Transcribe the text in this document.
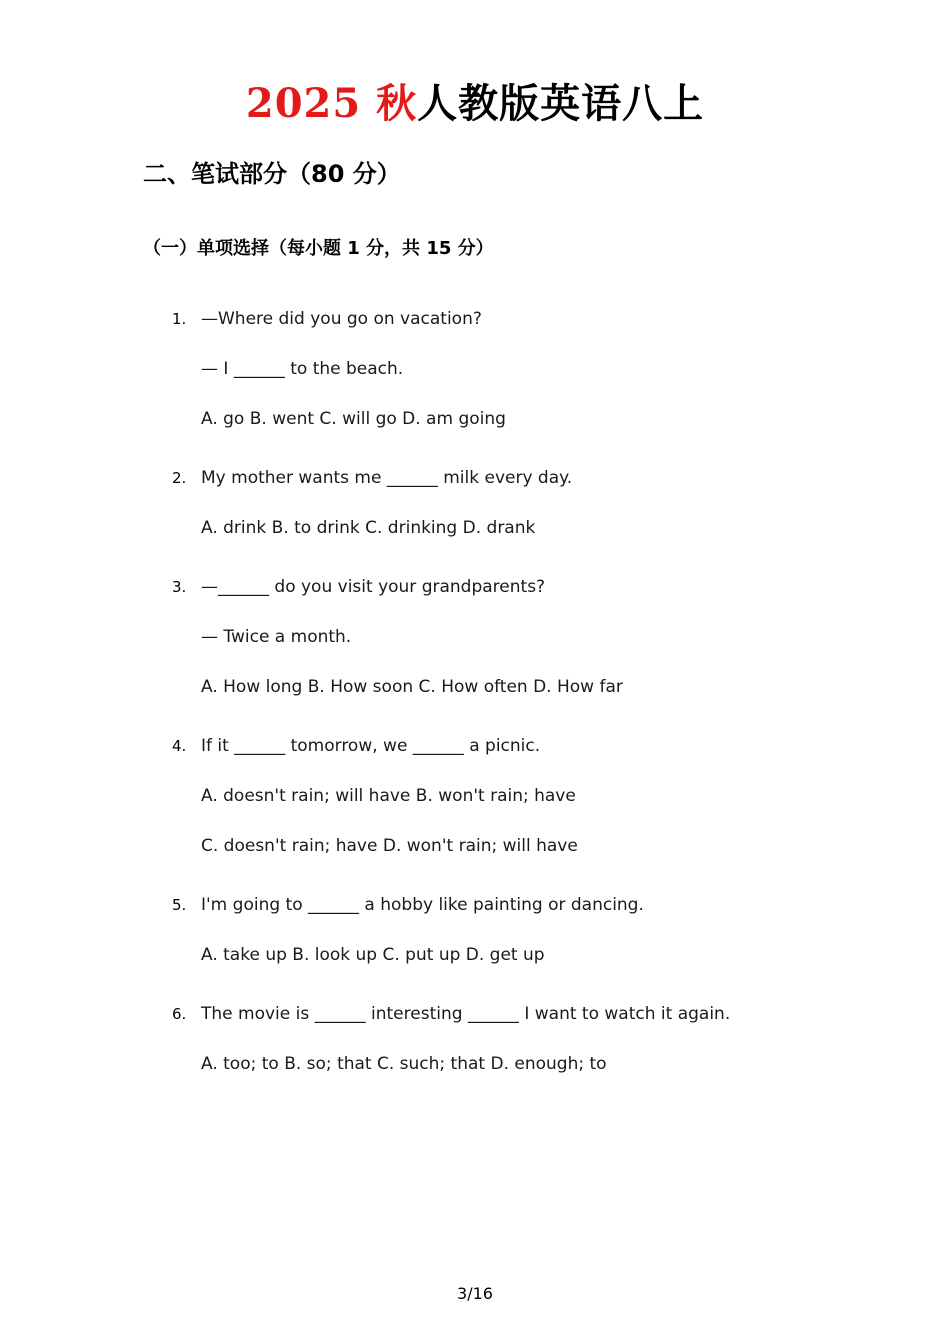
2025 秋人教版英语八上
二、笔试部分（80 分）
（一）单项选择（每小题 1 分，共 15 分）
1. —Where did you go on vacation?
— I ______ to the beach.
A. go B. went C. will go D. am going
2. My mother wants me ______ milk every day.
A. drink B. to drink C. drinking D. drank
3. —______ do you visit your grandparents?
— Twice a month.
A. How long B. How soon C. How often D. How far
4. If it ______ tomorrow, we ______ a picnic.
A. doesn't rain; will have B. won't rain; have
C. doesn't rain; have D. won't rain; will have
5. I'm going to ______ a hobby like painting or dancing.
A. take up B. look up C. put up D. get up
6. The movie is ______ interesting ______ I want to watch it again.
A. too; to B. so; that C. such; that D. enough; to
3/16
